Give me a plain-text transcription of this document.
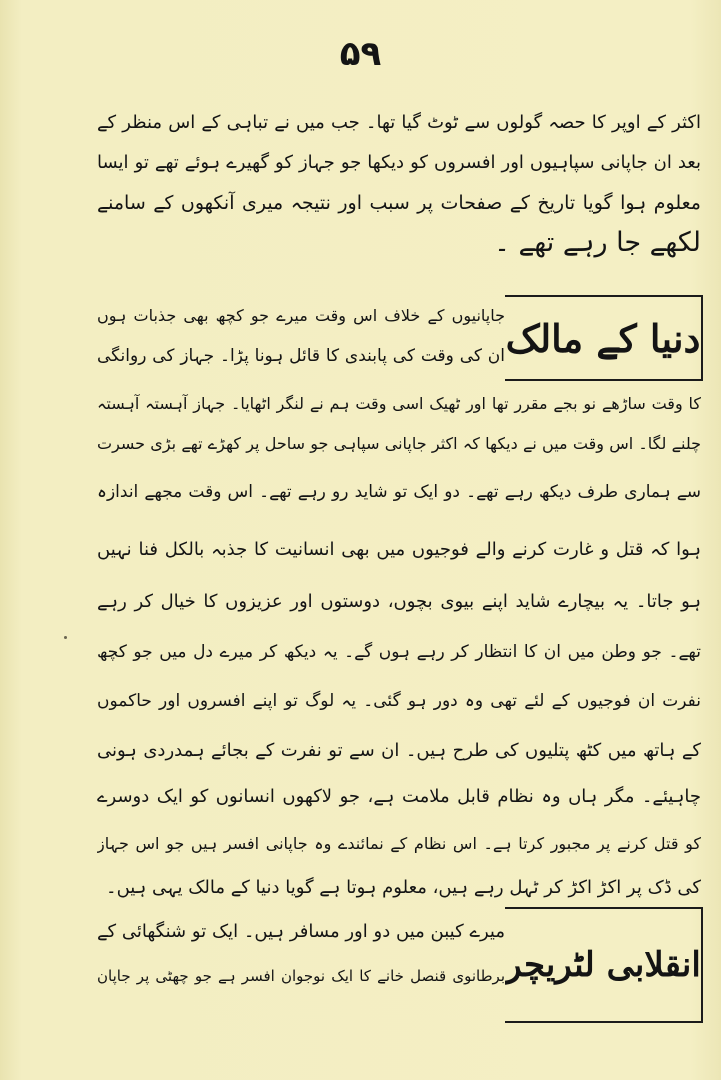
۵۹
اکثر کے اوپر کا حصہ گولوں سے ٹوٹ گیا تھا۔ جب میں نے تباہی کے اس منظر کے
بعد ان جاپانی سپاہیوں اور افسروں کو دیکھا جو جہاز کو گھیرے ہوئے تھے تو ایسا
معلوم ہوا گویا تاریخ کے صفحات پر سبب اور نتیجہ میری آنکھوں کے سامنے
لکھے جا رہے تھے ۔
دنیا کے مالک
جاپانیوں کے خلاف اس وقت میرے جو کچھ بھی جذبات ہوں
ان کی وقت کی پابندی کا قائل ہونا پڑا۔ جہاز کی روانگی
کا وقت ساڑھے نو بجے مقرر تھا اور ٹھیک اسی وقت ہم نے لنگر اٹھایا۔ جہاز آہستہ آہستہ
چلنے لگا۔ اس وقت میں نے دیکھا کہ اکثر جاپانی سپاہی جو ساحل پر کھڑے تھے بڑی حسرت
سے ہماری طرف دیکھ رہے تھے۔ دو ایک تو شاید رو رہے تھے۔ اس وقت مجھے اندازہ
ہوا کہ قتل و غارت کرنے والے فوجیوں میں بھی انسانیت کا جذبہ بالکل فنا نہیں
ہو جاتا۔ یہ بیچارے شاید اپنے بیوی بچوں، دوستوں اور عزیزوں کا خیال کر رہے
تھے۔ جو وطن میں ان کا انتظار کر رہے ہوں گے۔ یہ دیکھ کر میرے دل میں جو کچھ
نفرت ان فوجیوں کے لئے تھی وہ دور ہو گئی۔ یہ لوگ تو اپنے افسروں اور حاکموں
کے ہاتھ میں کٹھ پتلیوں کی طرح ہیں۔ ان سے تو نفرت کے بجائے ہمدردی ہونی
چاہیئے۔ مگر ہاں وہ نظام قابل ملامت ہے، جو لاکھوں انسانوں کو ایک دوسرے
کو قتل کرنے پر مجبور کرتا ہے۔ اس نظام کے نمائندے وہ جاپانی افسر ہیں جو اس جہاز
کی ڈک پر اکڑ اکڑ کر ٹہل رہے ہیں، معلوم ہوتا ہے گویا دنیا کے مالک یہی ہیں۔
انقلابی لٹریچر
میرے کیبن میں دو اور مسافر ہیں۔ ایک تو شنگھائی کے
برطانوی قنصل خانے کا ایک نوجوان افسر ہے جو چھٹی پر جاپان
